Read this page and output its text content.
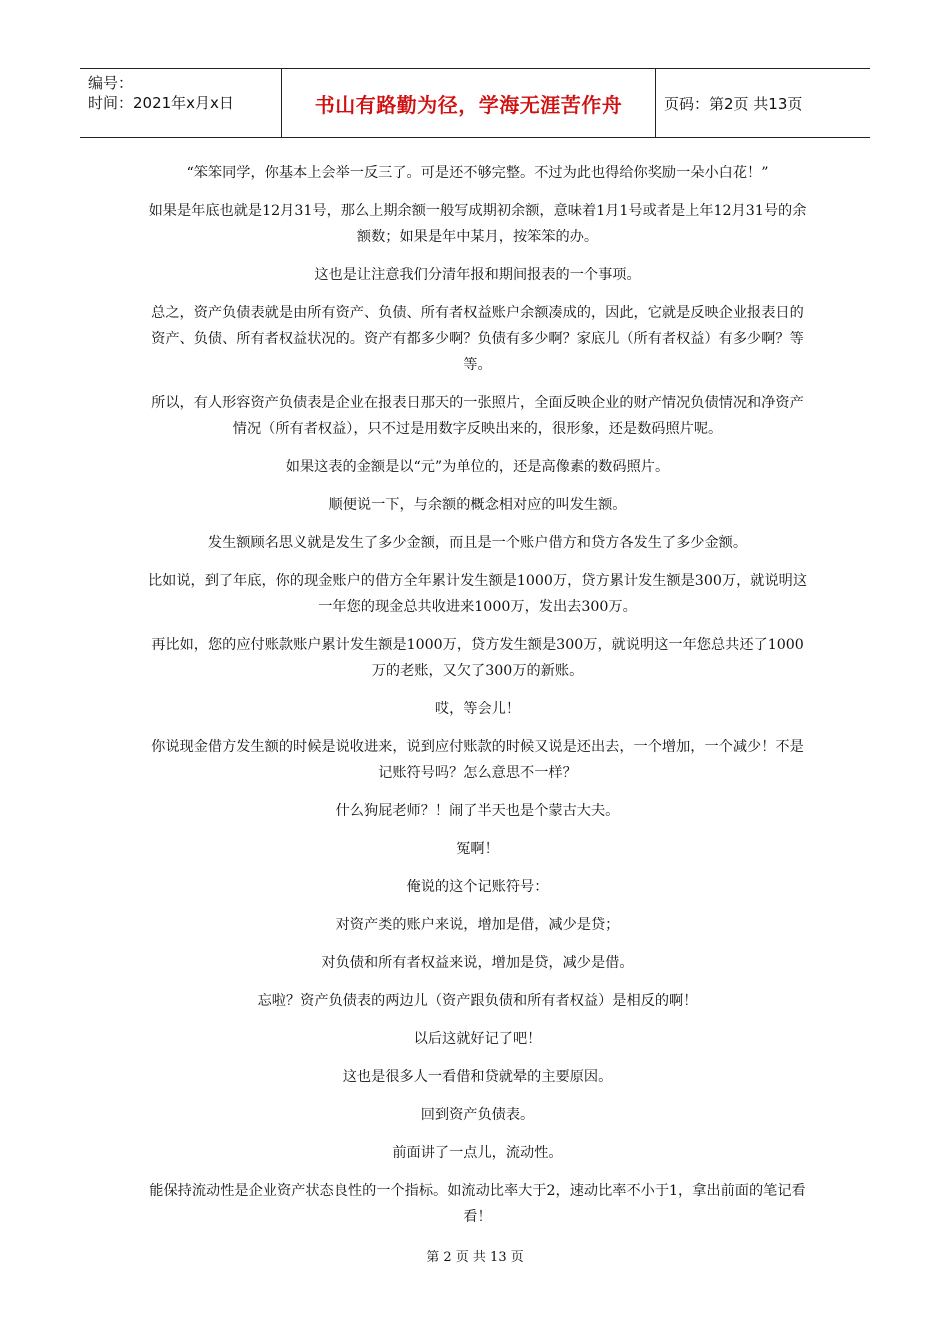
编号：
时间：2021年x月x日	书山有路勤为径，学海无涯苦作舟	页码：第2页 共13页

“笨笨同学，你基本上会举一反三了。可是还不够完整。不过为此也得给你奖励一朵小白花！”

如果是年底也就是12月31号，那么上期余额一般写成期初余额，意味着1月1号或者是上年12月31号的余额数；如果是年中某月，按笨笨的办。

这也是让注意我们分清年报和期间报表的一个事项。

总之，资产负债表就是由所有资产、负债、所有者权益账户余额凑成的，因此，它就是反映企业报表日的资产、负债、所有者权益状况的。资产有都多少啊？负债有多少啊？家底儿（所有者权益）有多少啊？等等。

所以，有人形容资产负债表是企业在报表日那天的一张照片，全面反映企业的财产情况负债情况和净资产情况（所有者权益），只不过是用数字反映出来的，很形象，还是数码照片呢。

如果这表的金额是以“元”为单位的，还是高像素的数码照片。

顺便说一下，与余额的概念相对应的叫发生额。

发生额顾名思义就是发生了多少金额，而且是一个账户借方和贷方各发生了多少金额。

比如说，到了年底，你的现金账户的借方全年累计发生额是1000万，贷方累计发生额是300万，就说明这一年您的现金总共收进来1000万，发出去300万。

再比如，您的应付账款账户累计发生额是1000万，贷方发生额是300万，就说明这一年您总共还了1000万的老账，又欠了300万的新账。

哎，等会儿！

你说现金借方发生额的时候是说收进来，说到应付账款的时候又说是还出去，一个增加，一个减少！不是记账符号吗？怎么意思不一样？

什么狗屁老师？！闹了半天也是个蒙古大夫。

冤啊！

俺说的这个记账符号：

对资产类的账户来说，增加是借，减少是贷；

对负债和所有者权益来说，增加是贷，减少是借。

忘啦？资产负债表的两边儿（资产跟负债和所有者权益）是相反的啊！

以后这就好记了吧！

这也是很多人一看借和贷就晕的主要原因。

回到资产负债表。

前面讲了一点儿，流动性。

能保持流动性是企业资产状态良性的一个指标。如流动比率大于2，速动比率不小于1，拿出前面的笔记看看！

第 2 页 共 13 页
